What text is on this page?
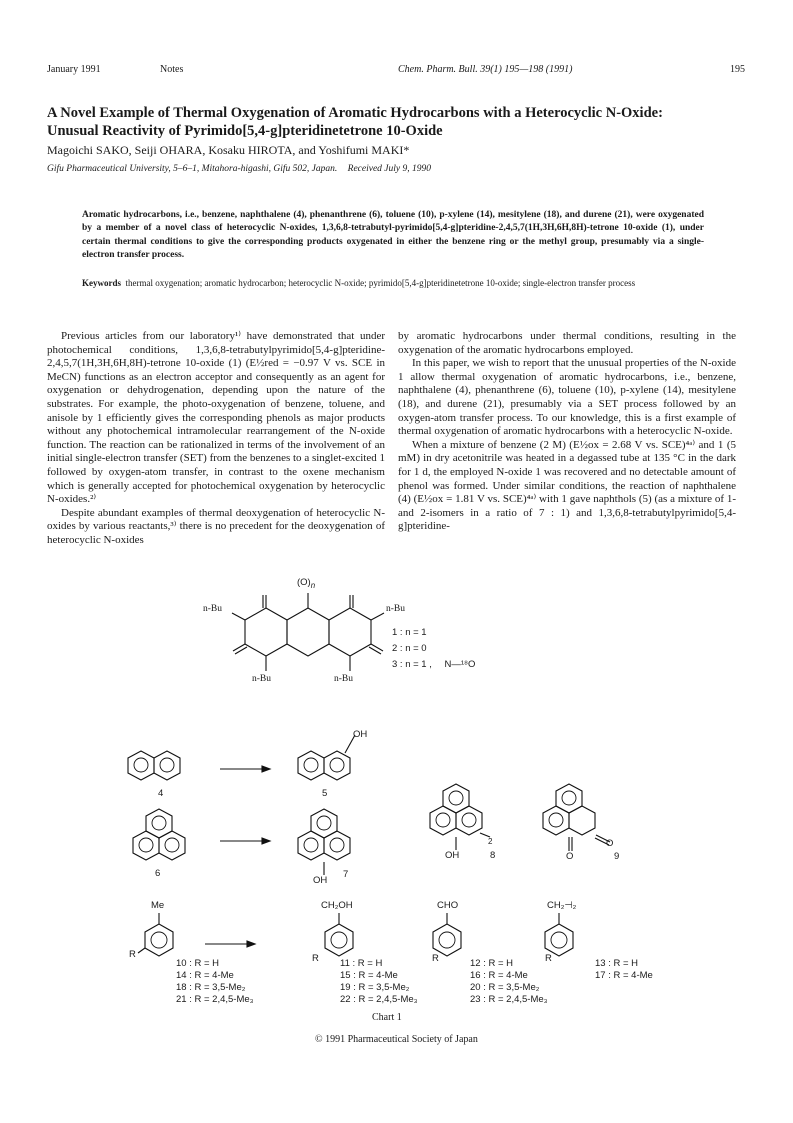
January 1991	Notes	Chem. Pharm. Bull. 39(1) 195—198 (1991)	195
A Novel Example of Thermal Oxygenation of Aromatic Hydrocarbons with a Heterocyclic N-Oxide:
Unusual Reactivity of Pyrimido[5,4-g]pteridinetetrone 10-Oxide
Magoichi SAKO, Seiji OHARA, Kosaku HIROTA, and Yoshifumi MAKI*
Gifu Pharmaceutical University, 5–6–1, Mitahora-higashi, Gifu 502, Japan. Received July 9, 1990
Aromatic hydrocarbons, i.e., benzene, naphthalene (4), phenanthrene (6), toluene (10), p-xylene (14), mesitylene (18), and durene (21), were oxygenated by a member of a novel class of heterocyclic N-oxides, 1,3,6,8-tetrabutyl-pyrimido[5,4-g]pteridine-2,4,5,7(1H,3H,6H,8H)-tetrone 10-oxide (1), under certain thermal conditions to give the corresponding products oxygenated in either the benzene ring or the methyl group, presumably via a single-electron transfer process.
Keywords thermal oxygenation; aromatic hydrocarbon; heterocyclic N-oxide; pyrimido[5,4-g]pteridinetetrone 10-oxide; single-electron transfer process

Previous articles from our laboratory¹⁾ have demonstrated that under photochemical conditions, 1,3,6,8-tetrabutylpyrimido[5,4-g]pteridine-2,4,5,7(1H,3H,6H,8H)-tetrone 10-oxide (1) (E½red = −0.97 V vs. SCE in MeCN) functions as an electron acceptor and consequently as an agent for oxygenation or dehydrogenation, depending upon the nature of the substrates. For example, the photo-oxygenation of benzene, toluene, and anisole by 1 efficiently gives the corresponding phenols as major products without any photochemical intramolecular rearrangement of the N-oxide function. The reaction can be rationalized in terms of the involvement of an initial single-electron transfer (SET) from the benzenes to a singlet-excited 1 followed by oxygen-atom transfer, in contrast to the oxene mechanism which is generally accepted for photochemical oxygenation by heterocyclic N-oxides.²⁾

Despite abundant examples of thermal deoxygenation of heterocyclic N-oxides by various reactants,³⁾ there is no precedent for the deoxygenation of heterocyclic N-oxides

by aromatic hydrocarbons under thermal conditions, resulting in the oxygenation of the aromatic hydrocarbons employed.

In this paper, we wish to report that the unusual properties of the N-oxide 1 allow thermal oxygenation of aromatic hydrocarbons, i.e., benzene, naphthalene (4), phenanthrene (6), toluene (10), p-xylene (14), mesitylene (18), and durene (21), presumably via a SET process followed by an oxygen-atom transfer process. To our knowledge, this is a first example of thermal oxygenation of aromatic hydrocarbons with a heterocyclic N-oxide.

When a mixture of benzene (2 M) (E½ox = 2.68 V vs. SCE)⁴ᵃ⁾ and 1 (5 mM) in dry acetonitrile was heated in a degassed tube at 135 °C in the dark for 1 d, the employed N-oxide 1 was recovered and no detectable amount of phenol was formed. Under similar conditions, the reaction of naphthalene (4) (E½ox = 1.81 V vs. SCE)⁴ᵃ⁾ with 1 gave naphthols (5) (as a mixture of 1- and 2-isomers in a ratio of 7 : 1) and 1,3,6,8-tetrabutylpyrimido[5,4-g]pteridine-

$(O)_n$
n-Bu	n-Bu
n-Bu	n-Bu
1 : n = 1
2 : n = 0
3 : n = 1 , N—¹⁸O
4	5
OH
6
OH
7
OH	8
2
O
O
9
Me	CH₂OH	CHO	CH₂⊣₂
R	R	R	R
10 : R = H
14 : R = 4-Me
18 : R = 3,5-Me₂
21 : R = 2,4,5-Me₃
11 : R = H
15 : R = 4-Me
19 : R = 3,5-Me₂
22 : R = 2,4,5-Me₃
12 : R = H
16 : R = 4-Me
20 : R = 3,5-Me₂
23 : R = 2,4,5-Me₃
13 : R = H
17 : R = 4-Me
Chart 1
© 1991 Pharmaceutical Society of Japan
